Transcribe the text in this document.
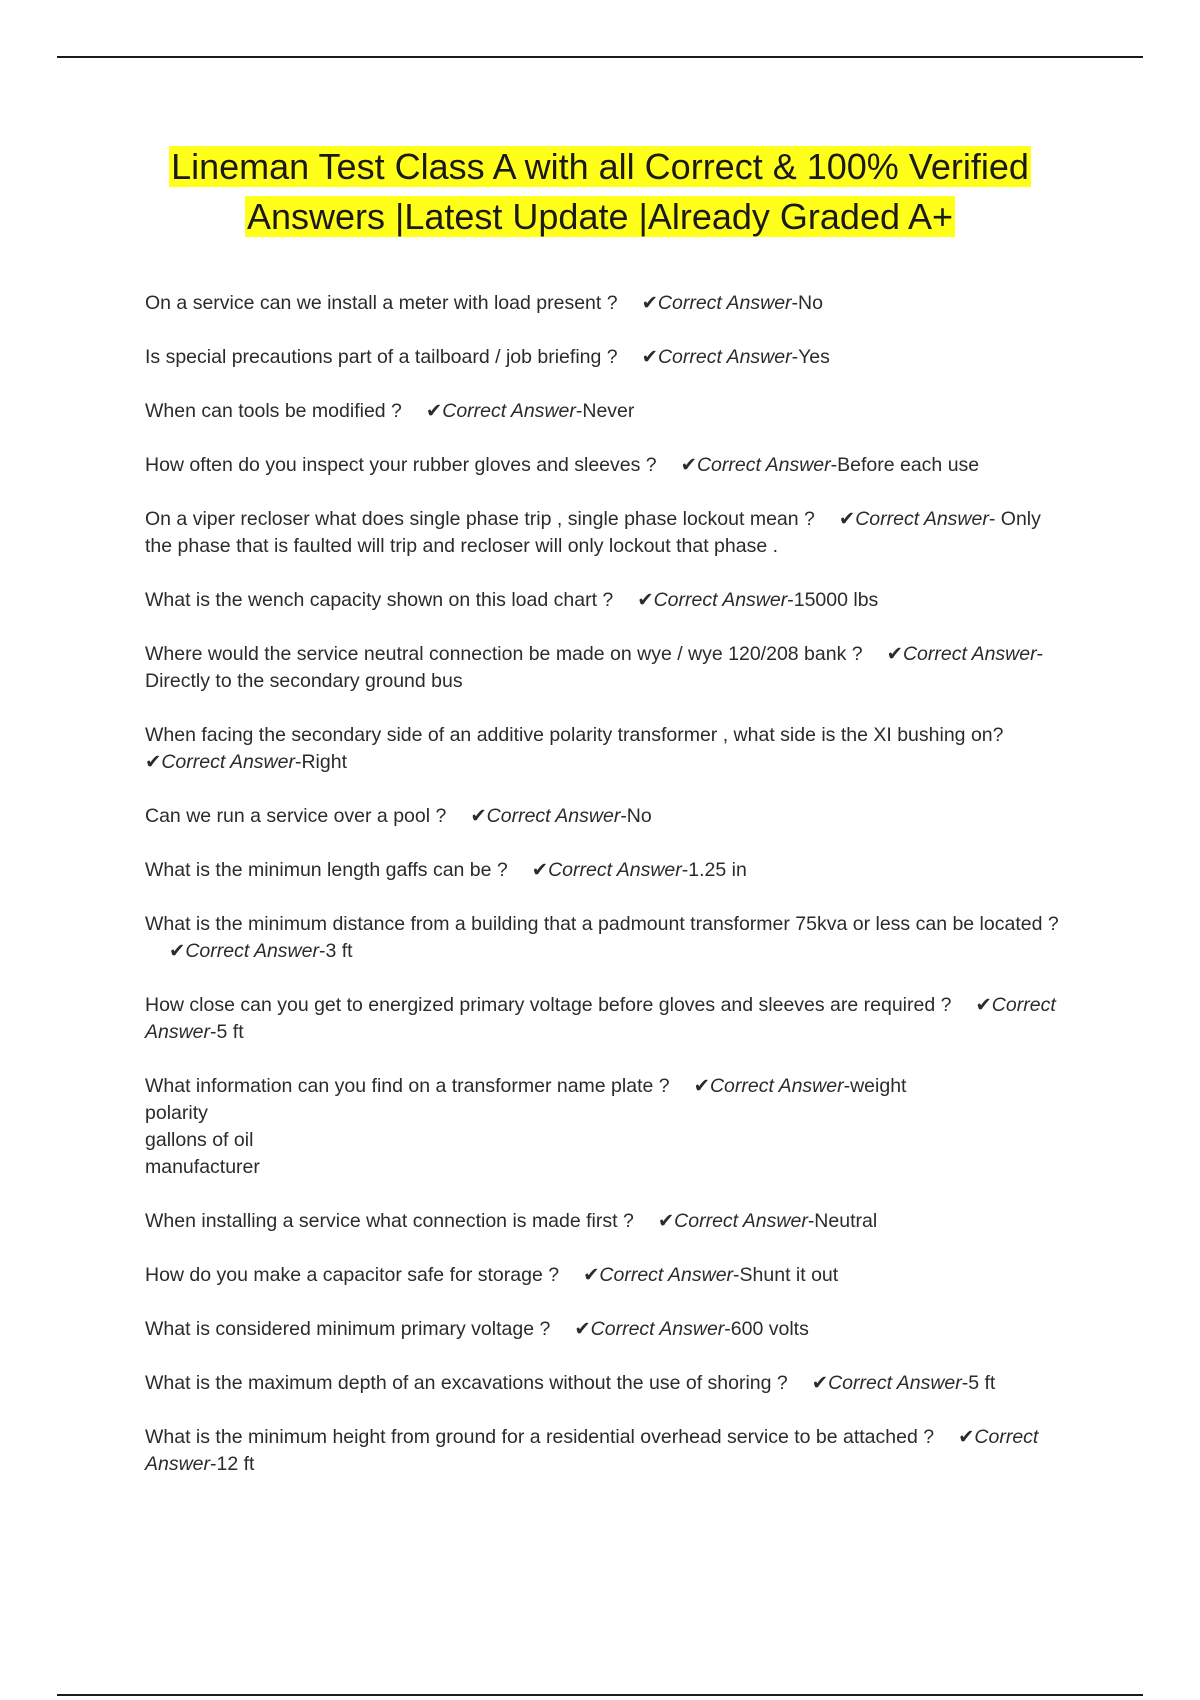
Lineman Test Class A with all Correct & 100% Verified
Answers |Latest Update |Already Graded A+

On a service can we install a meter with load present ? ✔Correct Answer-No

Is special precautions part of a tailboard / job briefing ? ✔Correct Answer-Yes

When can tools be modified ? ✔Correct Answer-Never

How often do you inspect your rubber gloves and sleeves ? ✔Correct Answer-Before each use

On a viper recloser what does single phase trip , single phase lockout mean ? ✔Correct Answer- Only the phase that is faulted will trip and recloser will only lockout that phase .

What is the wench capacity shown on this load chart ? ✔Correct Answer-15000 lbs

Where would the service neutral connection be made on wye / wye 120/208 bank ? ✔Correct Answer-Directly to the secondary ground bus

When facing the secondary side of an additive polarity transformer , what side is the XI bushing on?✔Correct Answer-Right

Can we run a service over a pool ? ✔Correct Answer-No

What is the minimun length gaffs can be ? ✔Correct Answer-1.25 in

What is the minimum distance from a building that a padmount transformer 75kva or less can be located ?✔Correct Answer-3 ft

How close can you get to energized primary voltage before gloves and sleeves are required ? ✔Correct Answer-5 ft

What information can you find on a transformer name plate ? ✔Correct Answer-weight
polarity
gallons of oil
manufacturer

When installing a service what connection is made first ? ✔Correct Answer-Neutral

How do you make a capacitor safe for storage ? ✔Correct Answer-Shunt it out

What is considered minimum primary voltage ? ✔Correct Answer-600 volts

What is the maximum depth of an excavations without the use of shoring ? ✔Correct Answer-5 ft

What is the minimum height from ground for a residential overhead service to be attached ? ✔Correct Answer-12 ft
